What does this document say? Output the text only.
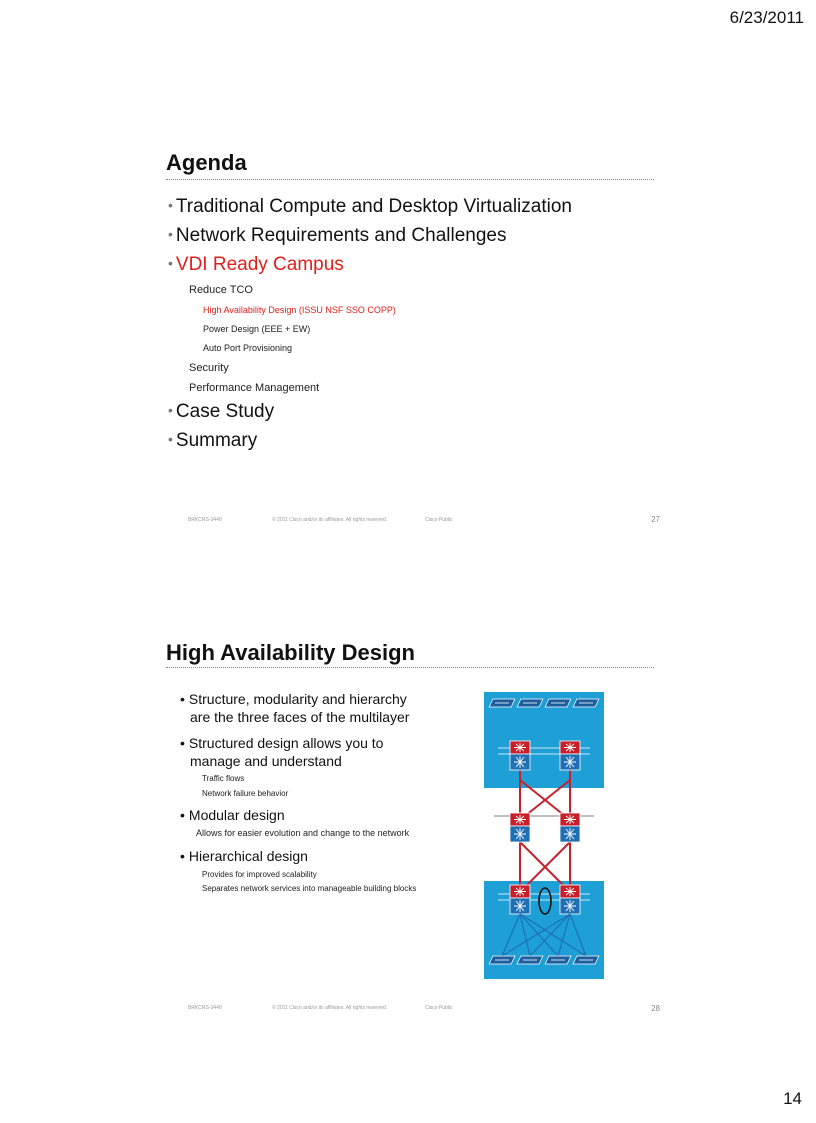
6/23/2011
Agenda
• Traditional Compute and Desktop Virtualization
• Network Requirements and Challenges
• VDI Ready Campus
Reduce TCO
High Availability Design (ISSU NSF SSO COPP)
Power Design (EEE + EW)
Auto Port Provisioning
Security
Performance Management
• Case Study
• Summary
BRKCRS-3449	© 2011 Cisco and/or its affiliates. All rights reserved.	Cisco Public	27
High Availability Design
• Structure, modularity and hierarchy
are the three faces of the multilayer
• Structured design allows you to
manage and understand
Traffic flows
Network failure behavior
• Modular design
Allows for easier evolution and change to the network
• Hierarchical design
Provides for improved scalability
Separates network services into manageable building blocks
BRKCRS-3449	© 2011 Cisco and/or its affiliates. All rights reserved.	Cisco Public	28
14
